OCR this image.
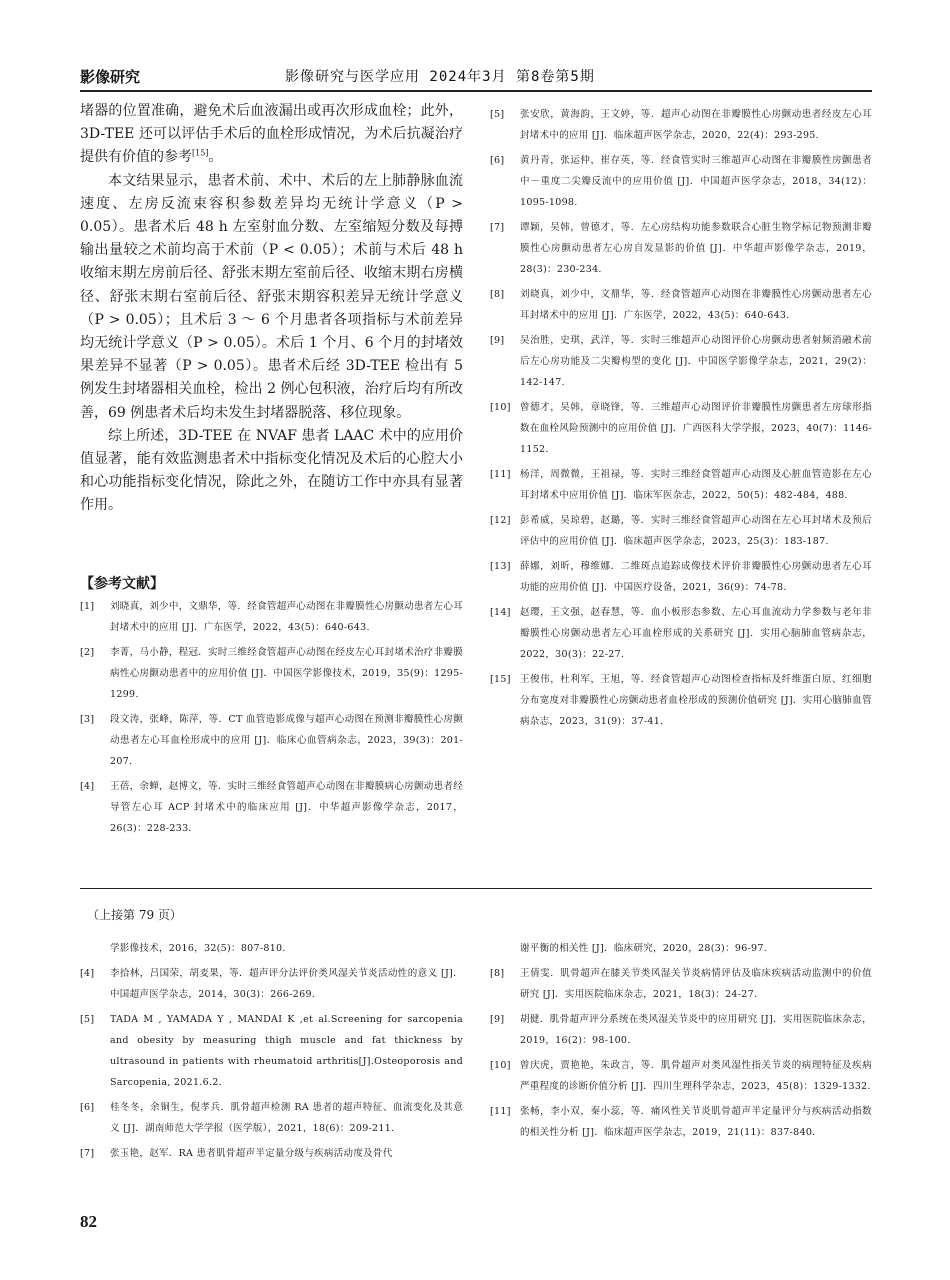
影像研究	影像研究与医学应用 2024年3月 第8卷第5期

堵器的位置准确，避免术后血液漏出或再次形成血栓；此外，3D-TEE 还可以评估手术后的血栓形成情况，为术后抗凝治疗提供有价值的参考[15]。

本文结果显示，患者术前、术中、术后的左上肺静脉血流速度、左房反流束容积参数差异均无统计学意义（P > 0.05）。患者术后 48 h 左室射血分数、左室缩短分数及每搏输出量较之术前均高于术前（P < 0.05）；术前与术后 48 h 收缩末期左房前后径、舒张末期左室前后径、收缩末期右房横径、舒张末期右室前后径、舒张末期容积差异无统计学意义（P > 0.05）；且术后 3 ～ 6 个月患者各项指标与术前差异均无统计学意义（P > 0.05）。术后 1 个月、6 个月的封堵效果差异不显著（P > 0.05）。患者术后经 3D-TEE 检出有 5 例发生封堵器相关血栓，检出 2 例心包积液，治疗后均有所改善，69 例患者术后均未发生封堵器脱落、移位现象。

综上所述，3D-TEE 在 NVAF 患者 LAAC 术中的应用价值显著，能有效监测患者术中指标变化情况及术后的心腔大小和心功能指标变化情况，除此之外，在随访工作中亦具有显著作用。

【参考文献】
[1] 刘晓真，刘少中，文鼎华，等．经食管超声心动图在非瓣膜性心房颤动患者左心耳封堵术中的应用 [J]．广东医学，2022，43(5)：640-643.
[2] 李菁，马小静，程冠．实时三维经食管超声心动图在经皮左心耳封堵术治疗非瓣膜病性心房颤动患者中的应用价值 [J]．中国医学影像技术，2019，35(9)：1295-1299.
[3] 段文涛，张峰，陈萍，等．CT 血管造影成像与超声心动图在预测非瓣膜性心房颤动患者左心耳血栓形成中的应用 [J]．临床心血管病杂志，2023，39(3)：201-207.
[4] 王蓓，余蝉，赵博文，等．实时三维经食管超声心动图在非瓣膜病心房颤动患者经导管左心耳 ACP 封堵术中的临床应用 [J]．中华超声影像学杂志，2017，26(3)：228-233.
[5] 张安欣，黄海韵，王文婷，等．超声心动图在非瓣膜性心房颤动患者经皮左心耳封堵术中的应用 [J]．临床超声医学杂志，2020，22(4)：293-295.
[6] 黄丹青，张运仲，崔存英，等．经食管实时三维超声心动图在非瓣膜性房颤患者中－重度二尖瓣反流中的应用价值 [J]．中国超声医学杂志，2018，34(12)：1095-1098.
[7] 谭颖，吴韩，曾德才，等．左心房结构功能参数联合心脏生物学标记物预测非瓣膜性心房颤动患者左心房自发显影的价值 [J]．中华超声影像学杂志，2019，28(3)：230-234.
[8] 刘晓真，刘少中，文鼎华，等．经食管超声心动图在非瓣膜性心房颤动患者左心耳封堵术中的应用 [J]．广东医学，2022，43(5)：640-643.
[9] 吴治胜，史琪，武洋，等．实时三维超声心动图评价心房颤动患者射频消融术前后左心房功能及二尖瓣构型的变化 [J]．中国医学影像学杂志，2021，29(2)：142-147.
[10] 曾德才，吴韩，章晓锋，等．三维超声心动图评价非瓣膜性房颤患者左房球形指数在血栓风险预测中的应用价值 [J]．广西医科大学学报，2023，40(7)：1146-1152.
[11] 杨洋，周微微，王祖禄，等．实时三维经食管超声心动图及心脏血管造影在左心耳封堵术中应用价值 [J]．临床军医杂志，2022，50(5)：482-484，488.
[12] 彭希威，吴琼碧，赵璐，等．实时三维经食管超声心动图在左心耳封堵术及预后评估中的应用价值 [J]．临床超声医学杂志，2023，25(3)：183-187.
[13] 薛娜，刘昕，穆维娜．二维斑点追踪成像技术评价非瓣膜性心房颤动患者左心耳功能的应用价值 [J]．中国医疗设备，2021，36(9)：74-78.
[14] 赵璎，王文强，赵春慧，等．血小板形态参数、左心耳血流动力学参数与老年非瓣膜性心房颤动患者左心耳血栓形成的关系研究 [J]．实用心脑肺血管病杂志，2022，30(3)：22-27.
[15] 王俊伟，杜利军，王旭，等．经食管超声心动图检查指标及纤维蛋白原、红细胞分布宽度对非瓣膜性心房颤动患者血栓形成的预测价值研究 [J]．实用心脑肺血管病杂志，2023，31(9)：37-41.
（上接第 79 页）
学影像技术，2016，32(5)：807-810.
[4] 李拾林，吕国荣，胡麦果，等．超声评分法评价类风湿关节炎活动性的意义 [J]．中国超声医学杂志，2014，30(3)：266-269.
[5] TADA M , YAMADA Y , MANDAI K ,et al.Screening for sarcopenia and obesity by measuring thigh muscle and fat thickness by ultrasound in patients with rheumatoid arthritis[J].Osteoporosis and Sarcopenia, 2021.6.2.
[6] 桂冬冬，余铜生，倪孝兵．肌骨超声检测 RA 患者的超声特征、血流变化及其意义 [J]．湖南师范大学学报（医学版），2021，18(6)：209-211.
[7] 张玉艳，赵军．RA 患者肌骨超声半定量分级与疾病活动度及骨代
谢平衡的相关性 [J]．临床研究，2020，28(3)：96-97.
[8] 王倩雯．肌骨超声在膝关节类风湿关节炎病情评估及临床疾病活动监测中的价值研究 [J]．实用医院临床杂志，2021，18(3)：24-27.
[9] 胡健．肌骨超声评分系统在类风湿关节炎中的应用研究 [J]．实用医院临床杂志，2019，16(2)：98-100.
[10] 曾庆虎，贾艳艳，朱政言，等．肌骨超声对类风湿性指关节炎的病理特征及疾病严重程度的诊断价值分析 [J]．四川生理科学杂志，2023，45(8)：1329-1332.
[11] 张畅，李小双，秦小蕊，等．痛风性关节炎肌骨超声半定量评分与疾病活动指数的相关性分析 [J]．临床超声医学杂志，2019，21(11)：837-840.
82
